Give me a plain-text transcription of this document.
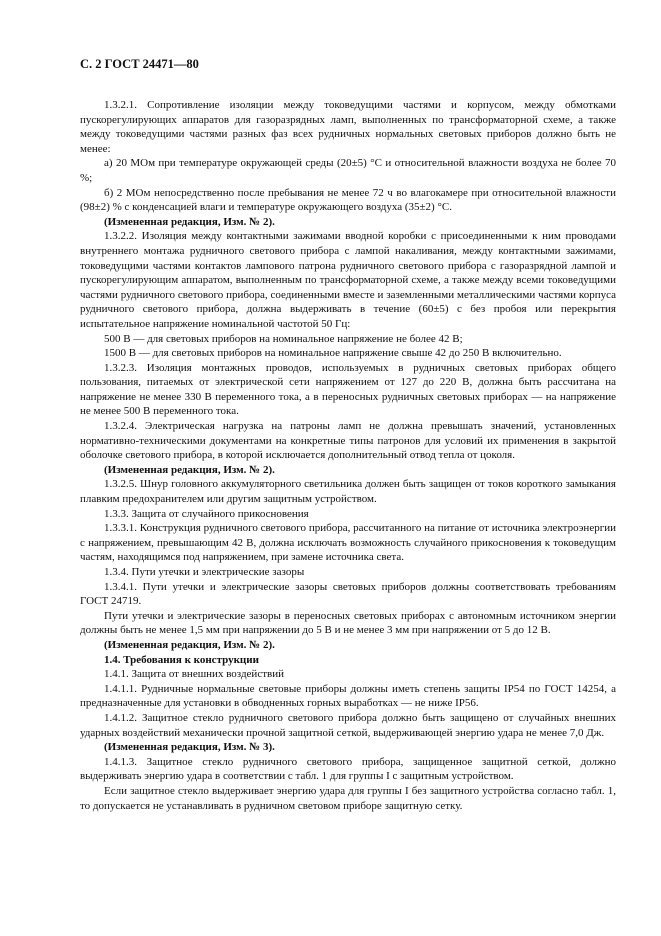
С. 2 ГОСТ 24471—80

1.3.2.1. Сопротивление изоляции между токоведущими частями и корпусом, между обмотками пускорегулирующих аппаратов для газоразрядных ламп, выполненных по трансформаторной схеме, а также между токоведущими частями разных фаз всех рудничных нормальных световых приборов должно быть не менее:

а) 20 МОм при температуре окружающей среды (20±5) °С и относительной влажности воздуха не более 70 %;

б) 2 МОм непосредственно после пребывания не менее 72 ч во влагокамере при относительной влажности (98±2) % с конденсацией влаги и температуре окружающего воздуха (35±2) °С.

(Измененная редакция, Изм. № 2).

1.3.2.2. Изоляция между контактными зажимами вводной коробки с присоединенными к ним проводами внутреннего монтажа рудничного светового прибора с лампой накаливания, между контактными зажимами, токоведущими частями контактов лампового патрона рудничного светового прибора с газоразрядной лампой и пускорегулирующим аппаратом, выполненным по трансформаторной схеме, а также между всеми токоведущими частями рудничного светового прибора, соединенными вместе и заземленными металлическими частями корпуса рудничного светового прибора, должна выдерживать в течение (60±5) с без пробоя или перекрытия испытательное напряжение номинальной частотой 50 Гц:

500 В — для световых приборов на номинальное напряжение не более 42 В;

1500 В — для световых приборов на номинальное напряжение свыше 42 до 250 В включительно.

1.3.2.3. Изоляция монтажных проводов, используемых в рудничных световых приборах общего пользования, питаемых от электрической сети напряжением от 127 до 220 В, должна быть рассчитана на напряжение не менее 330 В переменного тока, а в переносных рудничных световых приборах — на напряжение не менее 500 В переменного тока.

1.3.2.4. Электрическая нагрузка на патроны ламп не должна превышать значений, установленных нормативно-техническими документами на конкретные типы патронов для условий их применения в закрытой оболочке светового прибора, в которой исключается дополнительный отвод тепла от цоколя.

(Измененная редакция, Изм. № 2).

1.3.2.5. Шнур головного аккумуляторного светильника должен быть защищен от токов короткого замыкания плавким предохранителем или другим защитным устройством.

1.3.3. Защита от случайного прикосновения

1.3.3.1. Конструкция рудничного светового прибора, рассчитанного на питание от источника электроэнергии с напряжением, превышающим 42 В, должна исключать возможность случайного прикосновения к токоведущим частям, находящимся под напряжением, при замене источника света.

1.3.4. Пути утечки и электрические зазоры

1.3.4.1. Пути утечки и электрические зазоры световых приборов должны соответствовать требованиям ГОСТ 24719.

Пути утечки и электрические зазоры в переносных световых приборах с автономным источником энергии должны быть не менее 1,5 мм при напряжении до 5 В и не менее 3 мм при напряжении от 5 до 12 В.

(Измененная редакция, Изм. № 2).

1.4. Требования к конструкции

1.4.1. Защита от внешних воздействий

1.4.1.1. Рудничные нормальные световые приборы должны иметь степень защиты IP54 по ГОСТ 14254, а предназначенные для установки в обводненных горных выработках — не ниже IP56.

1.4.1.2. Защитное стекло рудничного светового прибора должно быть защищено от случайных внешних ударных воздействий механически прочной защитной сеткой, выдерживающей энергию удара не менее 7,0 Дж.

(Измененная редакция, Изм. № 3).

1.4.1.3. Защитное стекло рудничного светового прибора, защищенное защитной сеткой, должно выдерживать энергию удара в соответствии с табл. 1 для группы I с защитным устройством.

Если защитное стекло выдерживает энергию удара для группы I без защитного устройства согласно табл. 1, то допускается не устанавливать в рудничном световом приборе защитную сетку.
